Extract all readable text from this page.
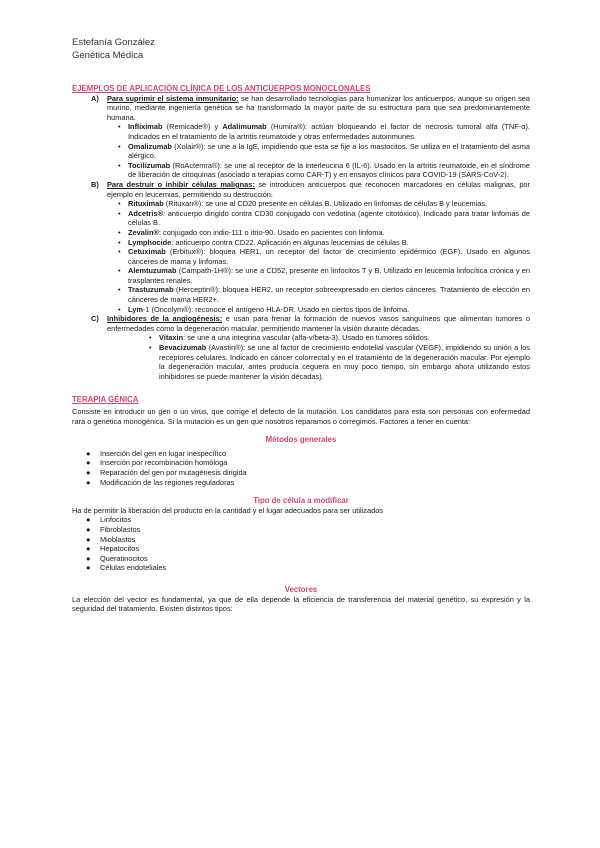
Estefanía González
Genética Médica

EJEMPLOS DE APLICACIÓN CLÍNICA DE LOS ANTICUERPOS MONOCLONALES

A) Para suprimir el sistema inmunitario: se han desarrollado tecnologías para humanizar los anticuerpos, aunque su origen sea murino, mediante ingeniería genética se ha transformado la mayor parte de su estructura para que sea predominantemente humana.
• Infliximab (Remicade®) y Adalimumab (Humira®): actúan bloqueando el factor de necrosis tumoral alfa (TNF-α). Indicados en el tratamiento de la artritis reumatoide y otras enfermedades autoinmunes.
• Omalizumab (Xolair®): se une a la IgE, impidiendo que esta se fije a los mastocitos. Se utiliza en el tratamiento del asma alérgico.
• Tocilizumab (RoActemra®): se une al receptor de la interleucina 6 (IL-6). Usado en la artritis reumatoide, en el síndrome de liberación de citoquinas (asociado a terapias como CAR-T) y en ensayos clínicos para COVID-19 (SARS-CoV-2).
B) Para destruir o inhibir células malignas: se introducen anticuerpos que reconocen marcadores en células malignas, por ejemplo en leucemias, permitiendo su destrucción.
• Rituximab (Rituxan®): se une al CD20 presente en células B. Utilizado en linfomas de células B y leucemias.
• Adcetris®: anticuerpo dirigido contra CD30 conjugado con vedotina (agente citotóxico). Indicado para tratar linfomas de células B.
• Zevalin®: conjugado con indio-111 o itrio-90. Usado en pacientes con linfoma.
• Lymphocide: anticuerpo contra CD22. Aplicación en algunas leucemias de células B.
• Cetuximab (Erbitux®): bloquea HER1, un receptor del factor de crecimiento epidérmico (EGF). Usado en algunos cánceres de mama y linfomas.
• Alemtuzumab (Campath-1H®): se une a CD52, presente en linfocitos T y B. Utilizado en leucemia linfocítica crónica y en trasplantes renales.
• Trastuzumab (Herceptin®): bloquea HER2, un receptor sobreexpresado en ciertos cánceres. Tratamiento de elección en cánceres de mama HER2+.
• Lym-1 (Oncolym®): reconoce el antígeno HLA-DR. Usado en ciertos tipos de linfoma.
C) Inhibidores de la angiogénesis: e usan para frenar la formación de nuevos vasos sanguíneos que alimentan tumores o enfermedades como la degeneración macular, permitiendo mantener la visión durante décadas.
• Vitaxin: se une a una integrina vascular (alfa-v/beta-3). Usado en tumores sólidos.
• Bevacizumab (Avastin®): se une al factor de crecimiento endotelial vascular (VEGF), impidiendo su unión a los receptores celulares. Indicado en cáncer colorrectal y en el tratamiento de la degeneración macular. Por ejemplo la degeneración macular, antes producía ceguera en muy poco tiempo, sin embargo ahora utilizando estos inhibidores se puede mantener la visión décadas).

TERAPIA GÉNICA

Consiste en introducir un gen o un virus, que corrige el defecto de la mutación. Los candidatos para esta son personas con enfermedad rara o genética monogénica. Si la mutacion es un gen que nosotros reparamos o corregimos. Factores a tener en cuenta:

Métodos generales

● Inserción del gen en lugar inespecífico
● Inserción por recombinación homóloga
● Reparación del gen por mutagénesis dirigida
● Modificación de las regiones reguladoras

Tipo de célula a modificar

Ha de permitir la liberación del producto en la cantidad y el lugar adecuados para ser utilizados

● Linfocitos
● Fibroblastos
● Mioblastos
● Hepatocitos
● Queratinocitos
● Células endoteliales

Vectores

La elección del vector es fundamental, ya que de ella depende la eficiencia de transferencia del material genético, su expresión y la seguridad del tratamiento. Existen distintos tipos:
